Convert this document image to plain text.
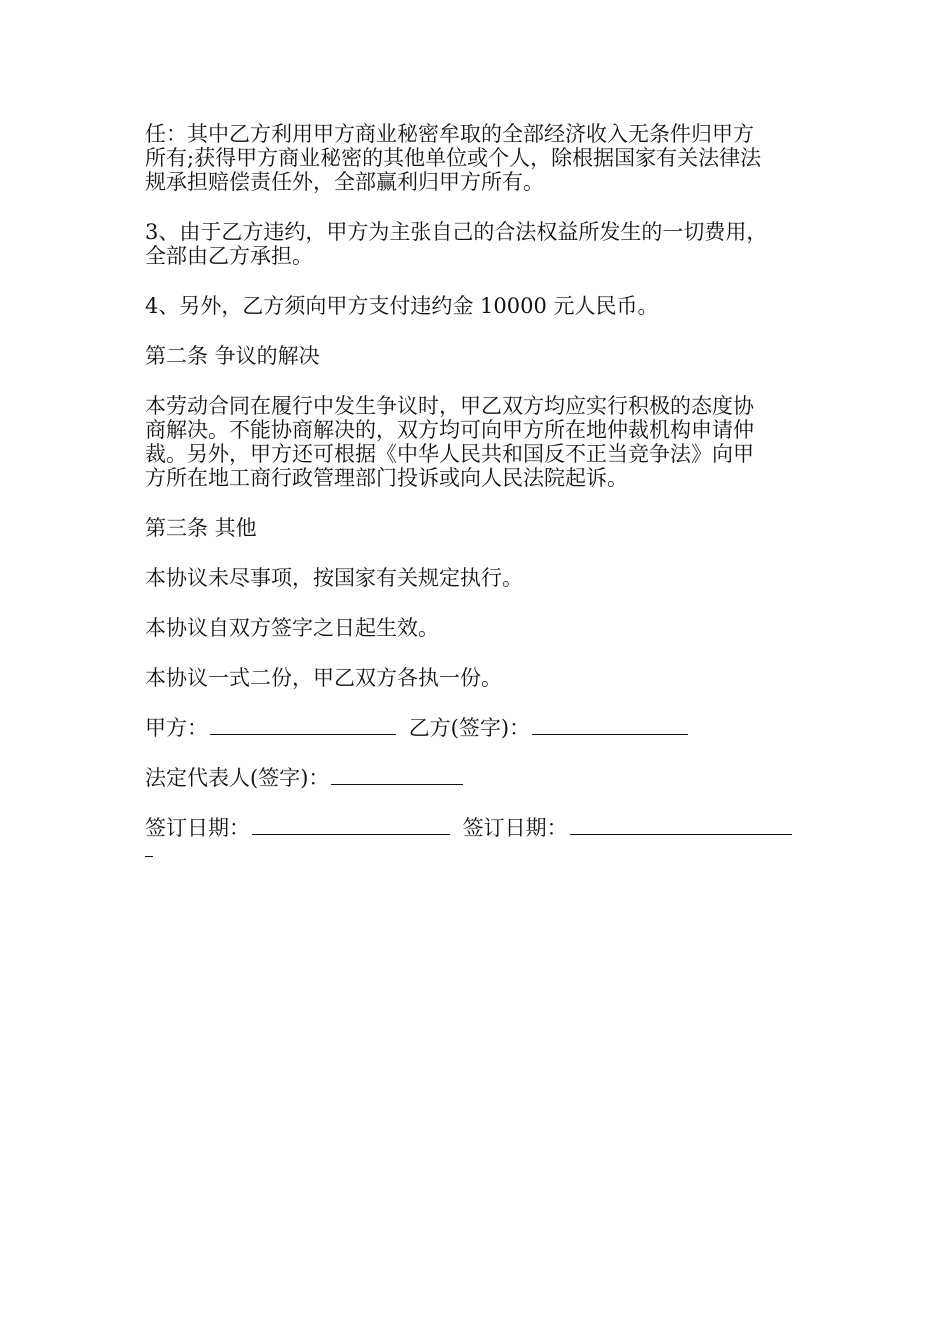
任：其中乙方利用甲方商业秘密牟取的全部经济收入无条件归甲方
所有;获得甲方商业秘密的其他单位或个人，除根据国家有关法律法
规承担赔偿责任外，全部赢利归甲方所有。

3、由于乙方违约，甲方为主张自己的合法权益所发生的一切费用，
全部由乙方承担。

4、另外，乙方须向甲方支付违约金 10000 元人民币。

第二条 争议的解决

本劳动合同在履行中发生争议时，甲乙双方均应实行积极的态度协
商解决。不能协商解决的，双方均可向甲方所在地仲裁机构申请仲
裁。另外，甲方还可根据《中华人民共和国反不正当竞争法》向甲
方所在地工商行政管理部门投诉或向人民法院起诉。

第三条 其他

本协议未尽事项，按国家有关规定执行。

本协议自双方签字之日起生效。

本协议一式二份，甲乙双方各执一份。

甲方：	乙方(签字)：

法定代表人(签字)：

签订日期：	签订日期：
